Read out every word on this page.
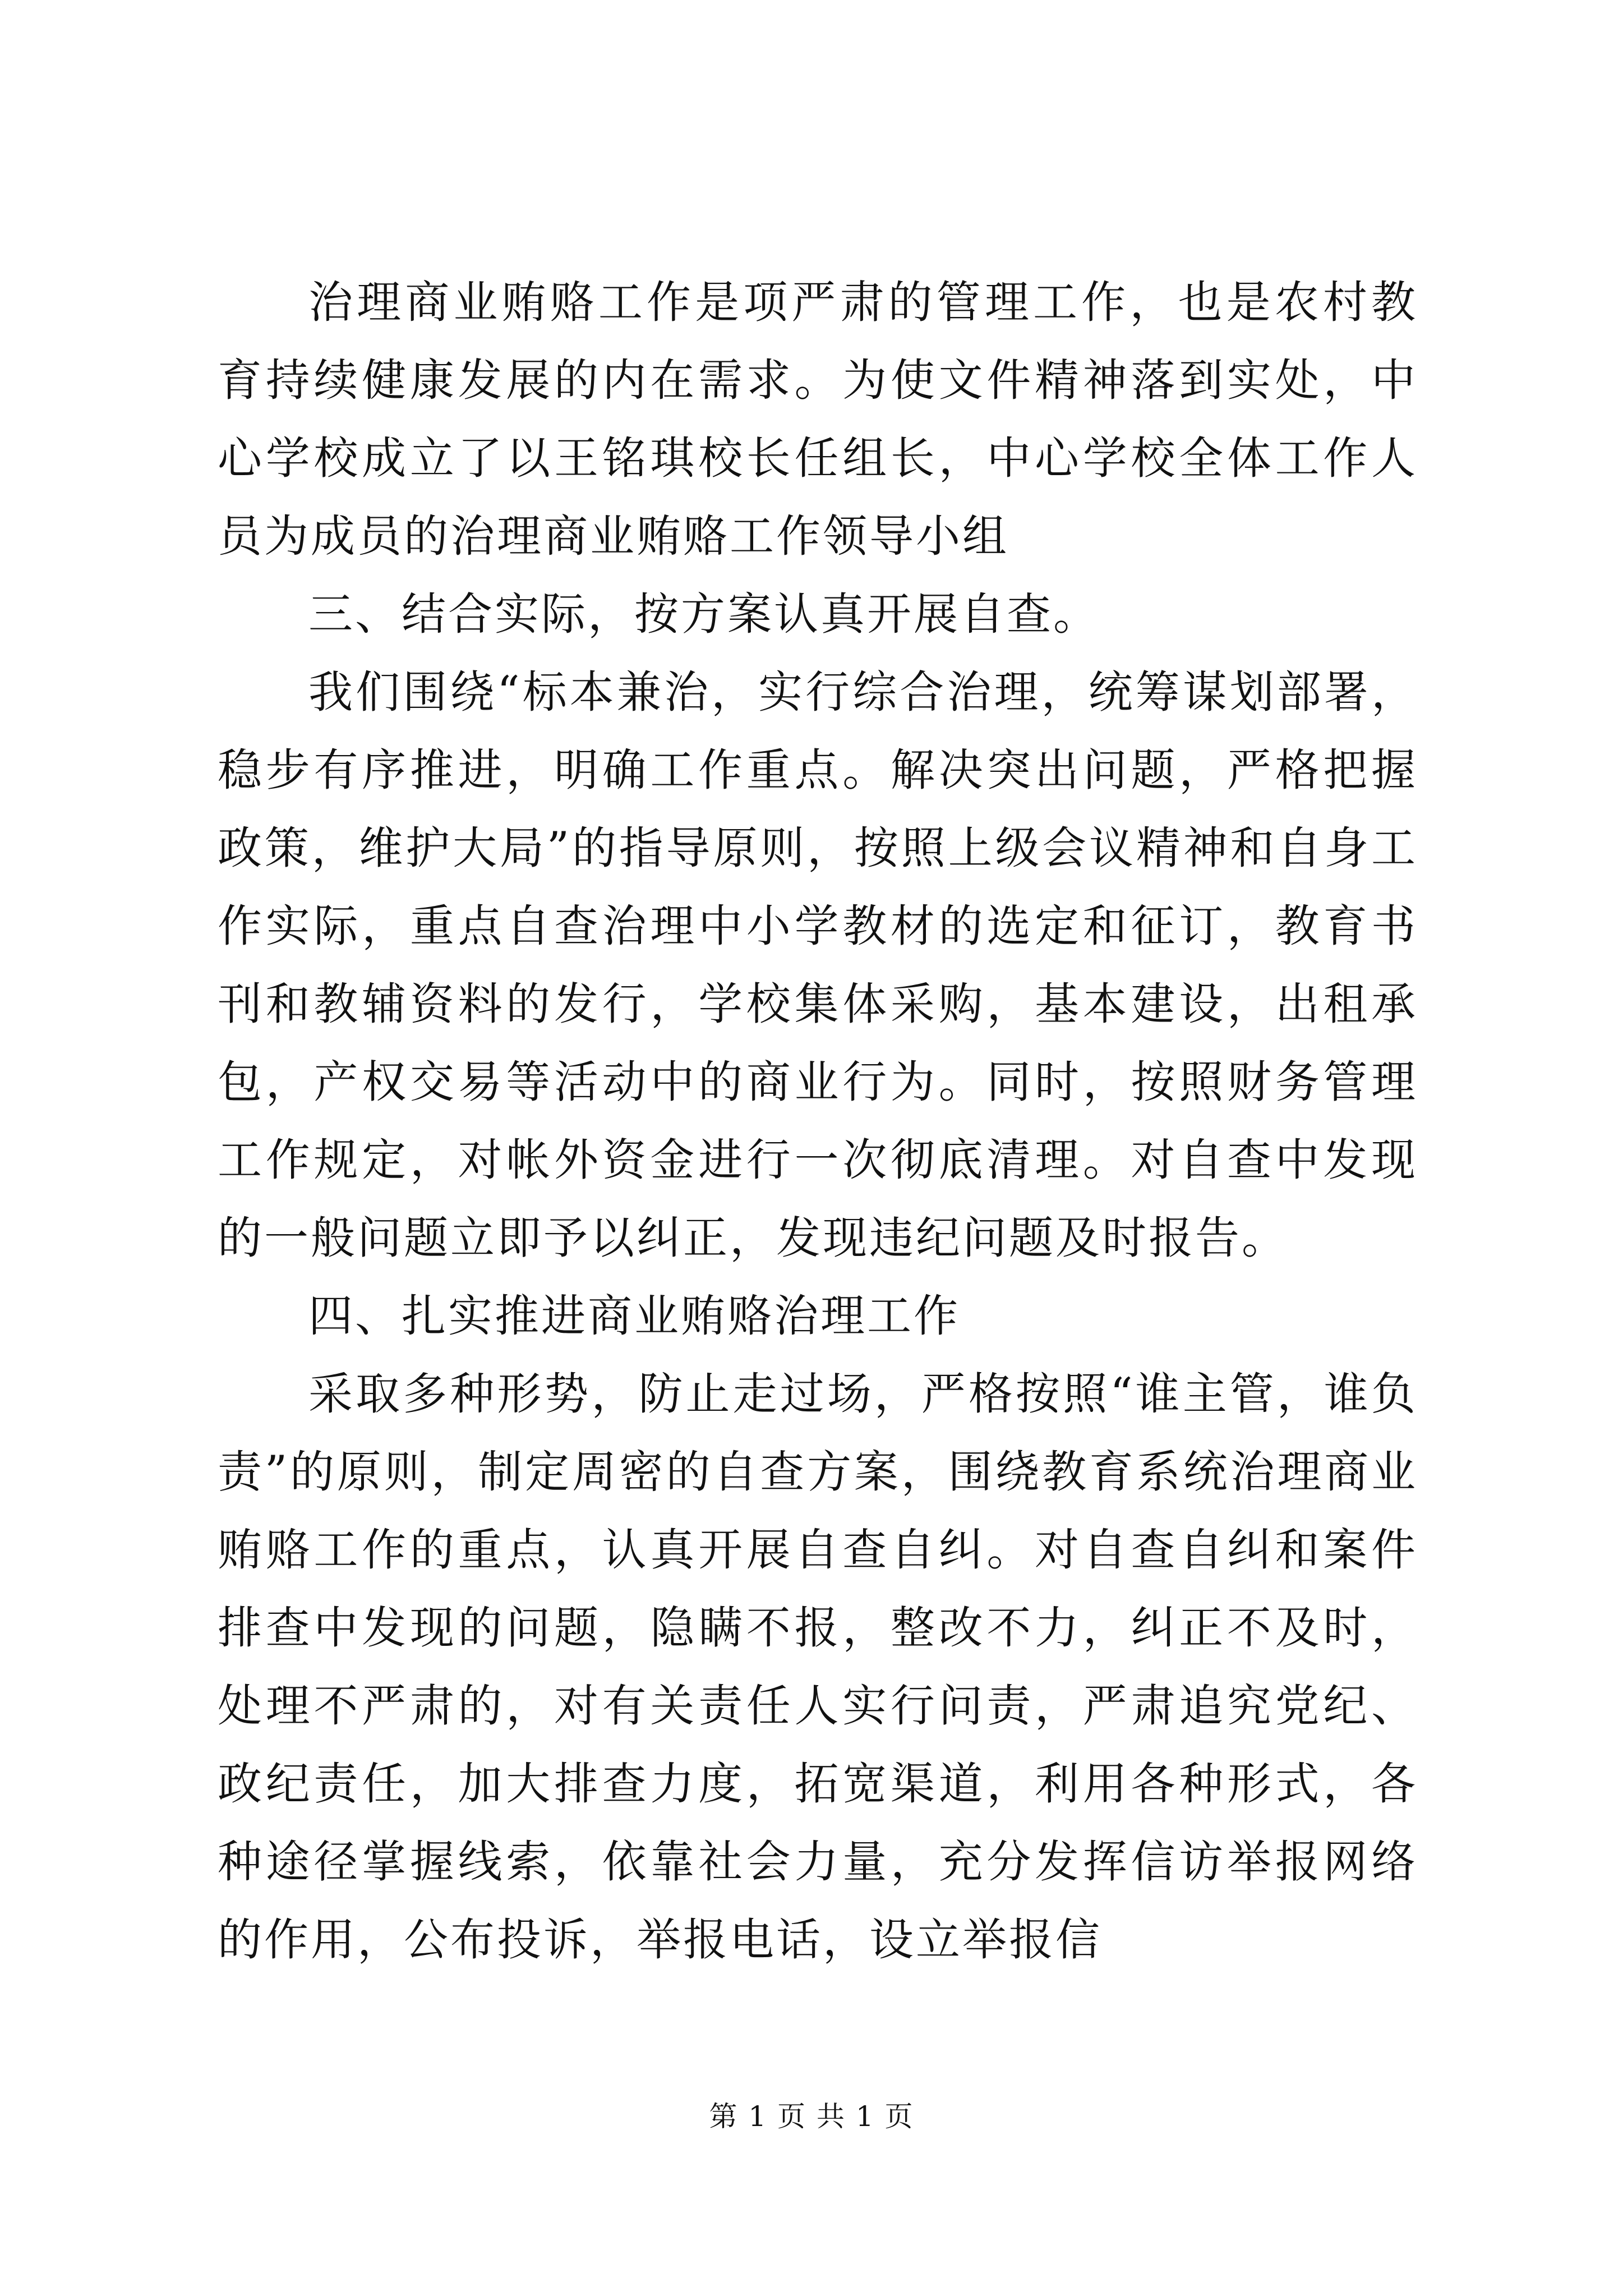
治理商业贿赂工作是项严肃的管理工作，也是农村教育持续健康发展的内在需求。为使文件精神落到实处，中心学校成立了以王铭琪校长任组长，中心学校全体工作人员为成员的治理商业贿赂工作领导小组

三、结合实际，按方案认真开展自查。

我们围绕“标本兼治，实行综合治理，统筹谋划部署，稳步有序推进，明确工作重点。解决突出问题，严格把握政策，维护大局”的指导原则，按照上级会议精神和自身工作实际，重点自查治理中小学教材的选定和征订，教育书刊和教辅资料的发行，学校集体采购，基本建设，出租承包，产权交易等活动中的商业行为。同时，按照财务管理工作规定，对帐外资金进行一次彻底清理。对自查中发现的一般问题立即予以纠正，发现违纪问题及时报告。

四、扎实推进商业贿赂治理工作

采取多种形势，防止走过场，严格按照“谁主管，谁负责”的原则，制定周密的自查方案，围绕教育系统治理商业贿赂工作的重点，认真开展自查自纠。对自查自纠和案件排查中发现的问题，隐瞒不报，整改不力，纠正不及时，处理不严肃的，对有关责任人实行问责，严肃追究党纪、政纪责任，加大排查力度，拓宽渠道，利用各种形式，各种途径掌握线索，依靠社会力量，充分发挥信访举报网络的作用，公布投诉，举报电话，设立举报信

第 1 页 共 1 页
